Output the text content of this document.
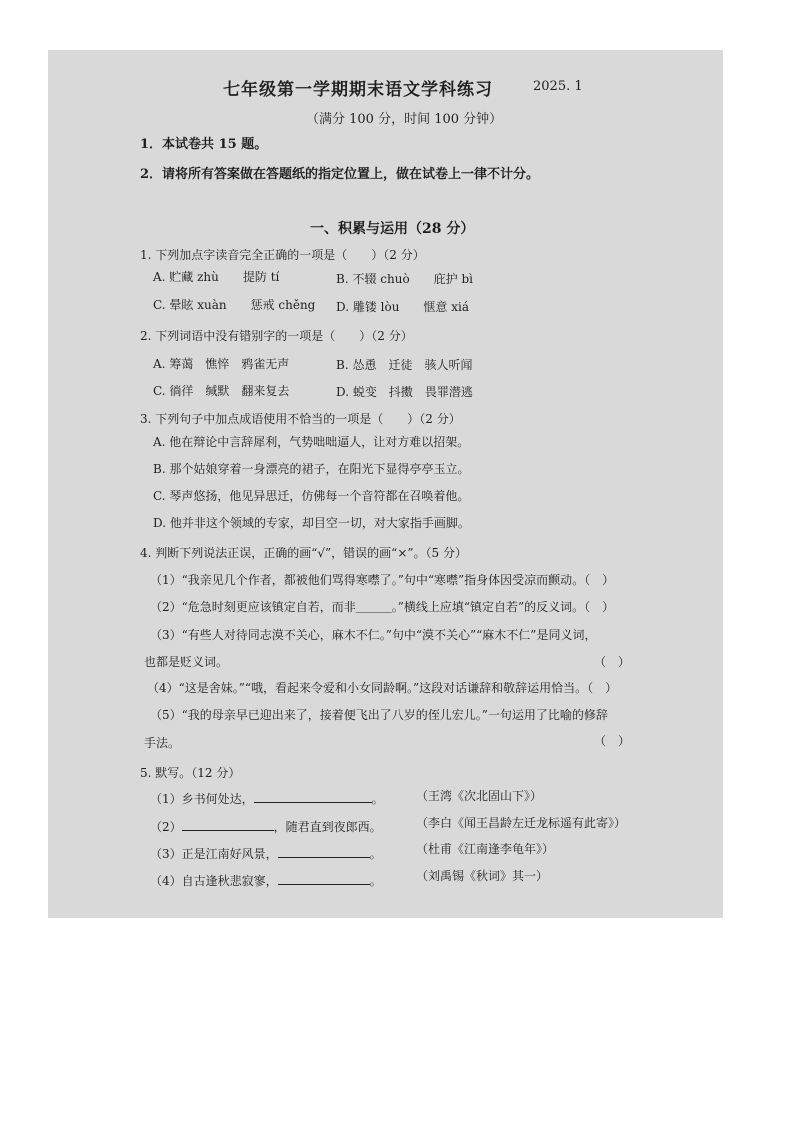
七年级第一学期期末语文学科练习	2025. 1
（满分 100 分，时间 100 分钟）
1．本试卷共 15 题。
2．请将所有答案做在答题纸的指定位置上，做在试卷上一律不计分。
一、积累与运用（28 分）
1. 下列加点字读音完全正确的一项是（　　）（2 分）
A. 贮藏 zhù　　提防 tí	B. 不辍 chuò　　庇护 bì
C. 晕眩 xuàn　　惩戒 chěng D. 雕镂 lòu　　惬意 xiá
2. 下列词语中没有错别字的一项是（　　）（2 分）
A. 筹蔼　憔悴　鸦雀无声	B. 怂恿　迁徒　骇人听闻
C. 徜徉　缄默　翻来复去	D. 蜕变　抖擞　畏罪潜逃
3. 下列句子中加点成语使用不恰当的一项是（　　）（2 分）
A. 他在辩论中言辞犀利，气势咄咄逼人，让对方难以招架。
B. 那个姑娘穿着一身漂亮的裙子，在阳光下显得亭亭玉立。
C. 琴声悠扬，他见异思迁，仿佛每一个音符都在召唤着他。
D. 他并非这个领域的专家，却目空一切，对大家指手画脚。
4. 判断下列说法正误，正确的画“√”，错误的画“×”。（5 分）
（1）“我亲见几个作者，都被他们骂得寒噤了。”句中“寒噤”指身体因受凉而颤动。（　）
（2）“危急时刻更应该镇定自若，而非＿＿＿。”横线上应填“镇定自若”的反义词。（　）
（3）“有些人对待同志漠不关心，麻木不仁。”句中“漠不关心”“麻木不仁”是同义词，
也都是贬义词。	（　）
（4）“这是舍妹。”“哦，看起来令爱和小女同龄啊。”这段对话谦辞和敬辞运用恰当。（　）
（5）“我的母亲早已迎出来了，接着便飞出了八岁的侄儿宏儿。”一句运用了比喻的修辞
手法。	（　）
5. 默写。（12 分）
（1）乡书何处达，	。	（王湾《次北固山下》）
（2）	，随君直到夜郎西。	（李白《闻王昌龄左迁龙标遥有此寄》）
（3）正是江南好风景，	。	（杜甫《江南逢李龟年》）
（4）自古逢秋悲寂寥，	。	（刘禹锡《秋词》其一）
